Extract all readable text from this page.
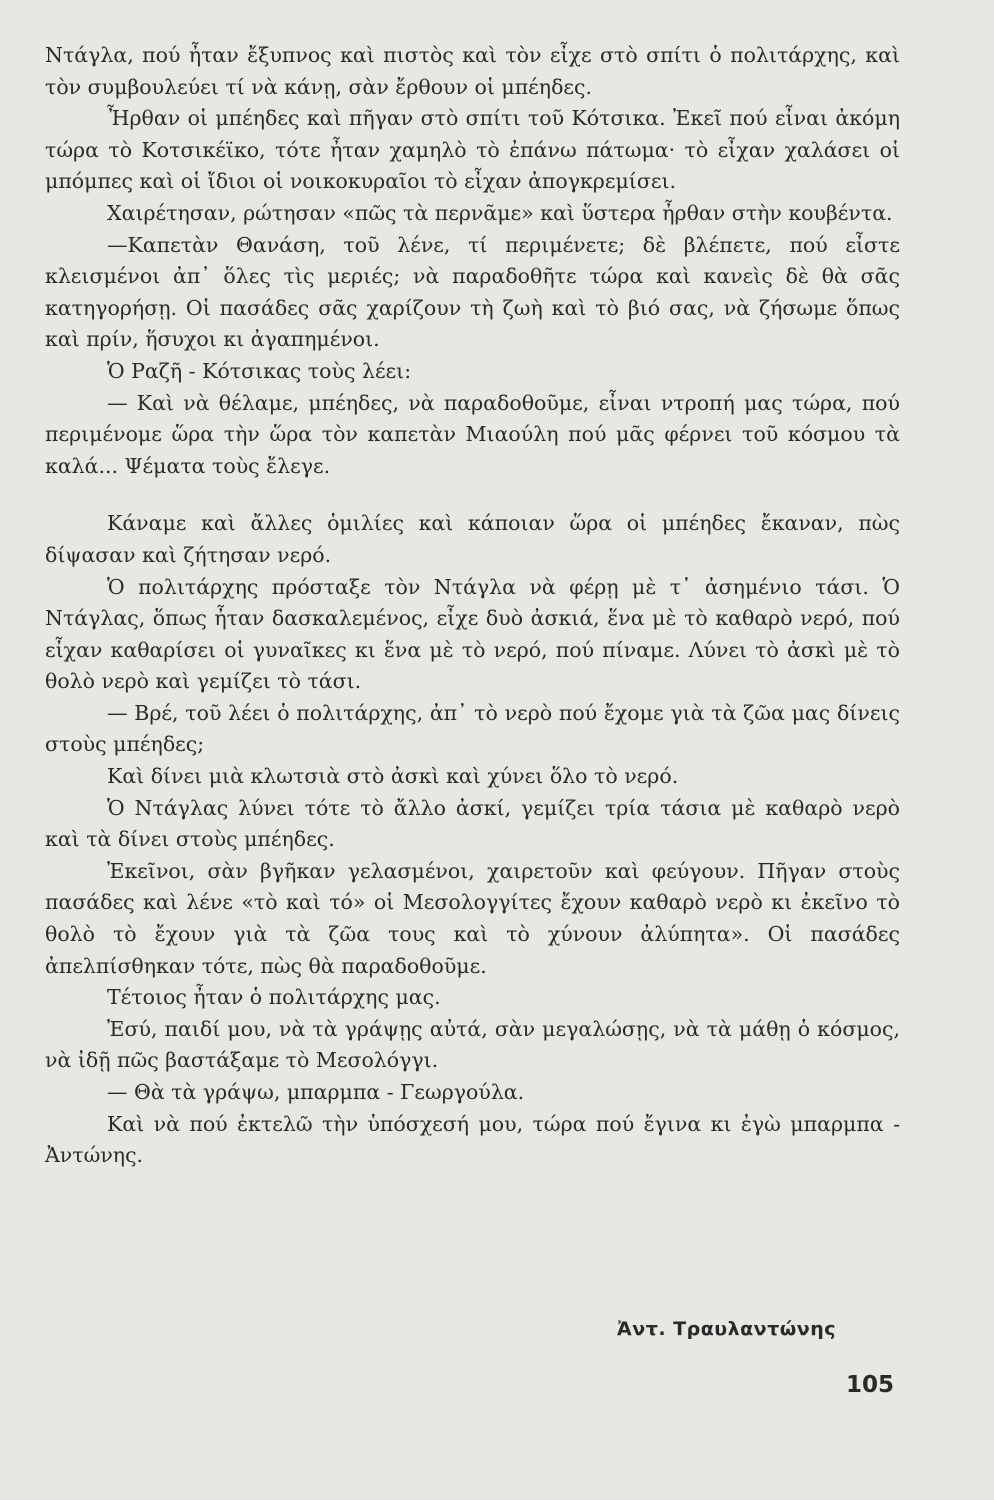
Ντάγλα, πού ἦταν ἔξυπνος καὶ πιστὸς καὶ τὸν εἶχε στὸ σπίτι ὁ πολιτάρχης, καὶ τὸν συμβουλεύει τί νὰ κάνῃ, σὰν ἔρθουν οἱ μπέηδες.

Ἦρθαν οἱ μπέηδες καὶ πῆγαν στὸ σπίτι τοῦ Κότσικα. Ἐκεῖ πού εἶναι ἀκόμη τώρα τὸ Κοτσικέϊκο, τότε ἦταν χαμηλὸ τὸ ἐπάνω πάτωμα· τὸ εἶχαν χαλάσει οἱ μπόμπες καὶ οἱ ἴδιοι οἱ νοικοκυραῖοι τὸ εἶχαν ἀπογκρεμίσει.

Χαιρέτησαν, ρώτησαν «πῶς τὰ περνᾶμε» καὶ ὕστερα ἦρθαν στὴν κουβέντα.

—Καπετὰν Θανάση, τοῦ λένε, τί περιμένετε; δὲ βλέπετε, πού εἶστε κλεισμένοι ἀπ᾽ ὅλες τὶς μεριές; νὰ παραδοθῆτε τώρα καὶ κανεὶς δὲ θὰ σᾶς κατηγορήσῃ. Οἱ πασάδες σᾶς χαρίζουν τὴ ζωὴ καὶ τὸ βιό σας, νὰ ζήσωμε ὅπως καὶ πρίν, ἥσυχοι κι ἀγαπημένοι.

Ὁ Ραζῆ - Κότσικας τοὺς λέει:

— Καὶ νὰ θέλαμε, μπέηδες, νὰ παραδοθοῦμε, εἶναι ντροπή μας τώρα, πού περιμένομε ὥρα τὴν ὥρα τὸν καπετὰν Μιαούλη πού μᾶς φέρνει τοῦ κόσμου τὰ καλά... Ψέματα τοὺς ἔλεγε.

Κάναμε καὶ ἄλλες ὁμιλίες καὶ κάποιαν ὥρα οἱ μπέηδες ἔκαναν, πὼς δίψασαν καὶ ζήτησαν νερό.

Ὁ πολιτάρχης πρόσταξε τὸν Ντάγλα νὰ φέρῃ μὲ τ᾽ ἀσημένιο τάσι. Ὁ Ντάγλας, ὅπως ἦταν δασκαλεμένος, εἶχε δυὸ ἀσκιά, ἕνα μὲ τὸ καθαρὸ νερό, πού εἶχαν καθαρίσει οἱ γυναῖκες κι ἕνα μὲ τὸ νερό, πού πίναμε. Λύνει τὸ ἀσκὶ μὲ τὸ θολὸ νερὸ καὶ γεμίζει τὸ τάσι.

— Βρέ, τοῦ λέει ὁ πολιτάρχης, ἀπ᾽ τὸ νερὸ πού ἔχομε γιὰ τὰ ζῶα μας δίνεις στοὺς μπέηδες;

Καὶ δίνει μιὰ κλωτσιὰ στὸ ἀσκὶ καὶ χύνει ὅλο τὸ νερό.

Ὁ Ντάγλας λύνει τότε τὸ ἄλλο ἀσκί, γεμίζει τρία τάσια μὲ καθαρὸ νερὸ καὶ τὰ δίνει στοὺς μπέηδες.

Ἐκεῖνοι, σὰν βγῆκαν γελασμένοι, χαιρετοῦν καὶ φεύγουν. Πῆγαν στοὺς πασάδες καὶ λένε «τὸ καὶ τό» οἱ Μεσολογγίτες ἔχουν καθαρὸ νερὸ κι ἐκεῖνο τὸ θολὸ τὸ ἔχουν γιὰ τὰ ζῶα τους καὶ τὸ χύνουν ἀλύπητα». Οἱ πασάδες ἀπελπίσθηκαν τότε, πὼς θὰ παραδοθοῦμε.

Τέτοιος ἦταν ὁ πολιτάρχης μας.

Ἐσύ, παιδί μου, νὰ τὰ γράψῃς αὐτά, σὰν μεγαλώσῃς, νὰ τὰ μάθῃ ὁ κόσμος, νὰ ἰδῇ πῶς βαστάξαμε τὸ Μεσολόγγι.

— Θὰ τὰ γράψω, μπαρμπα - Γεωργούλα.

Καὶ νὰ πού ἐκτελῶ τὴν ὑπόσχεσή μου, τώρα πού ἔγινα κι ἐγὼ μπαρμπα - Ἀντώνης.

Ἀντ. Τραυλαντώνης
105
